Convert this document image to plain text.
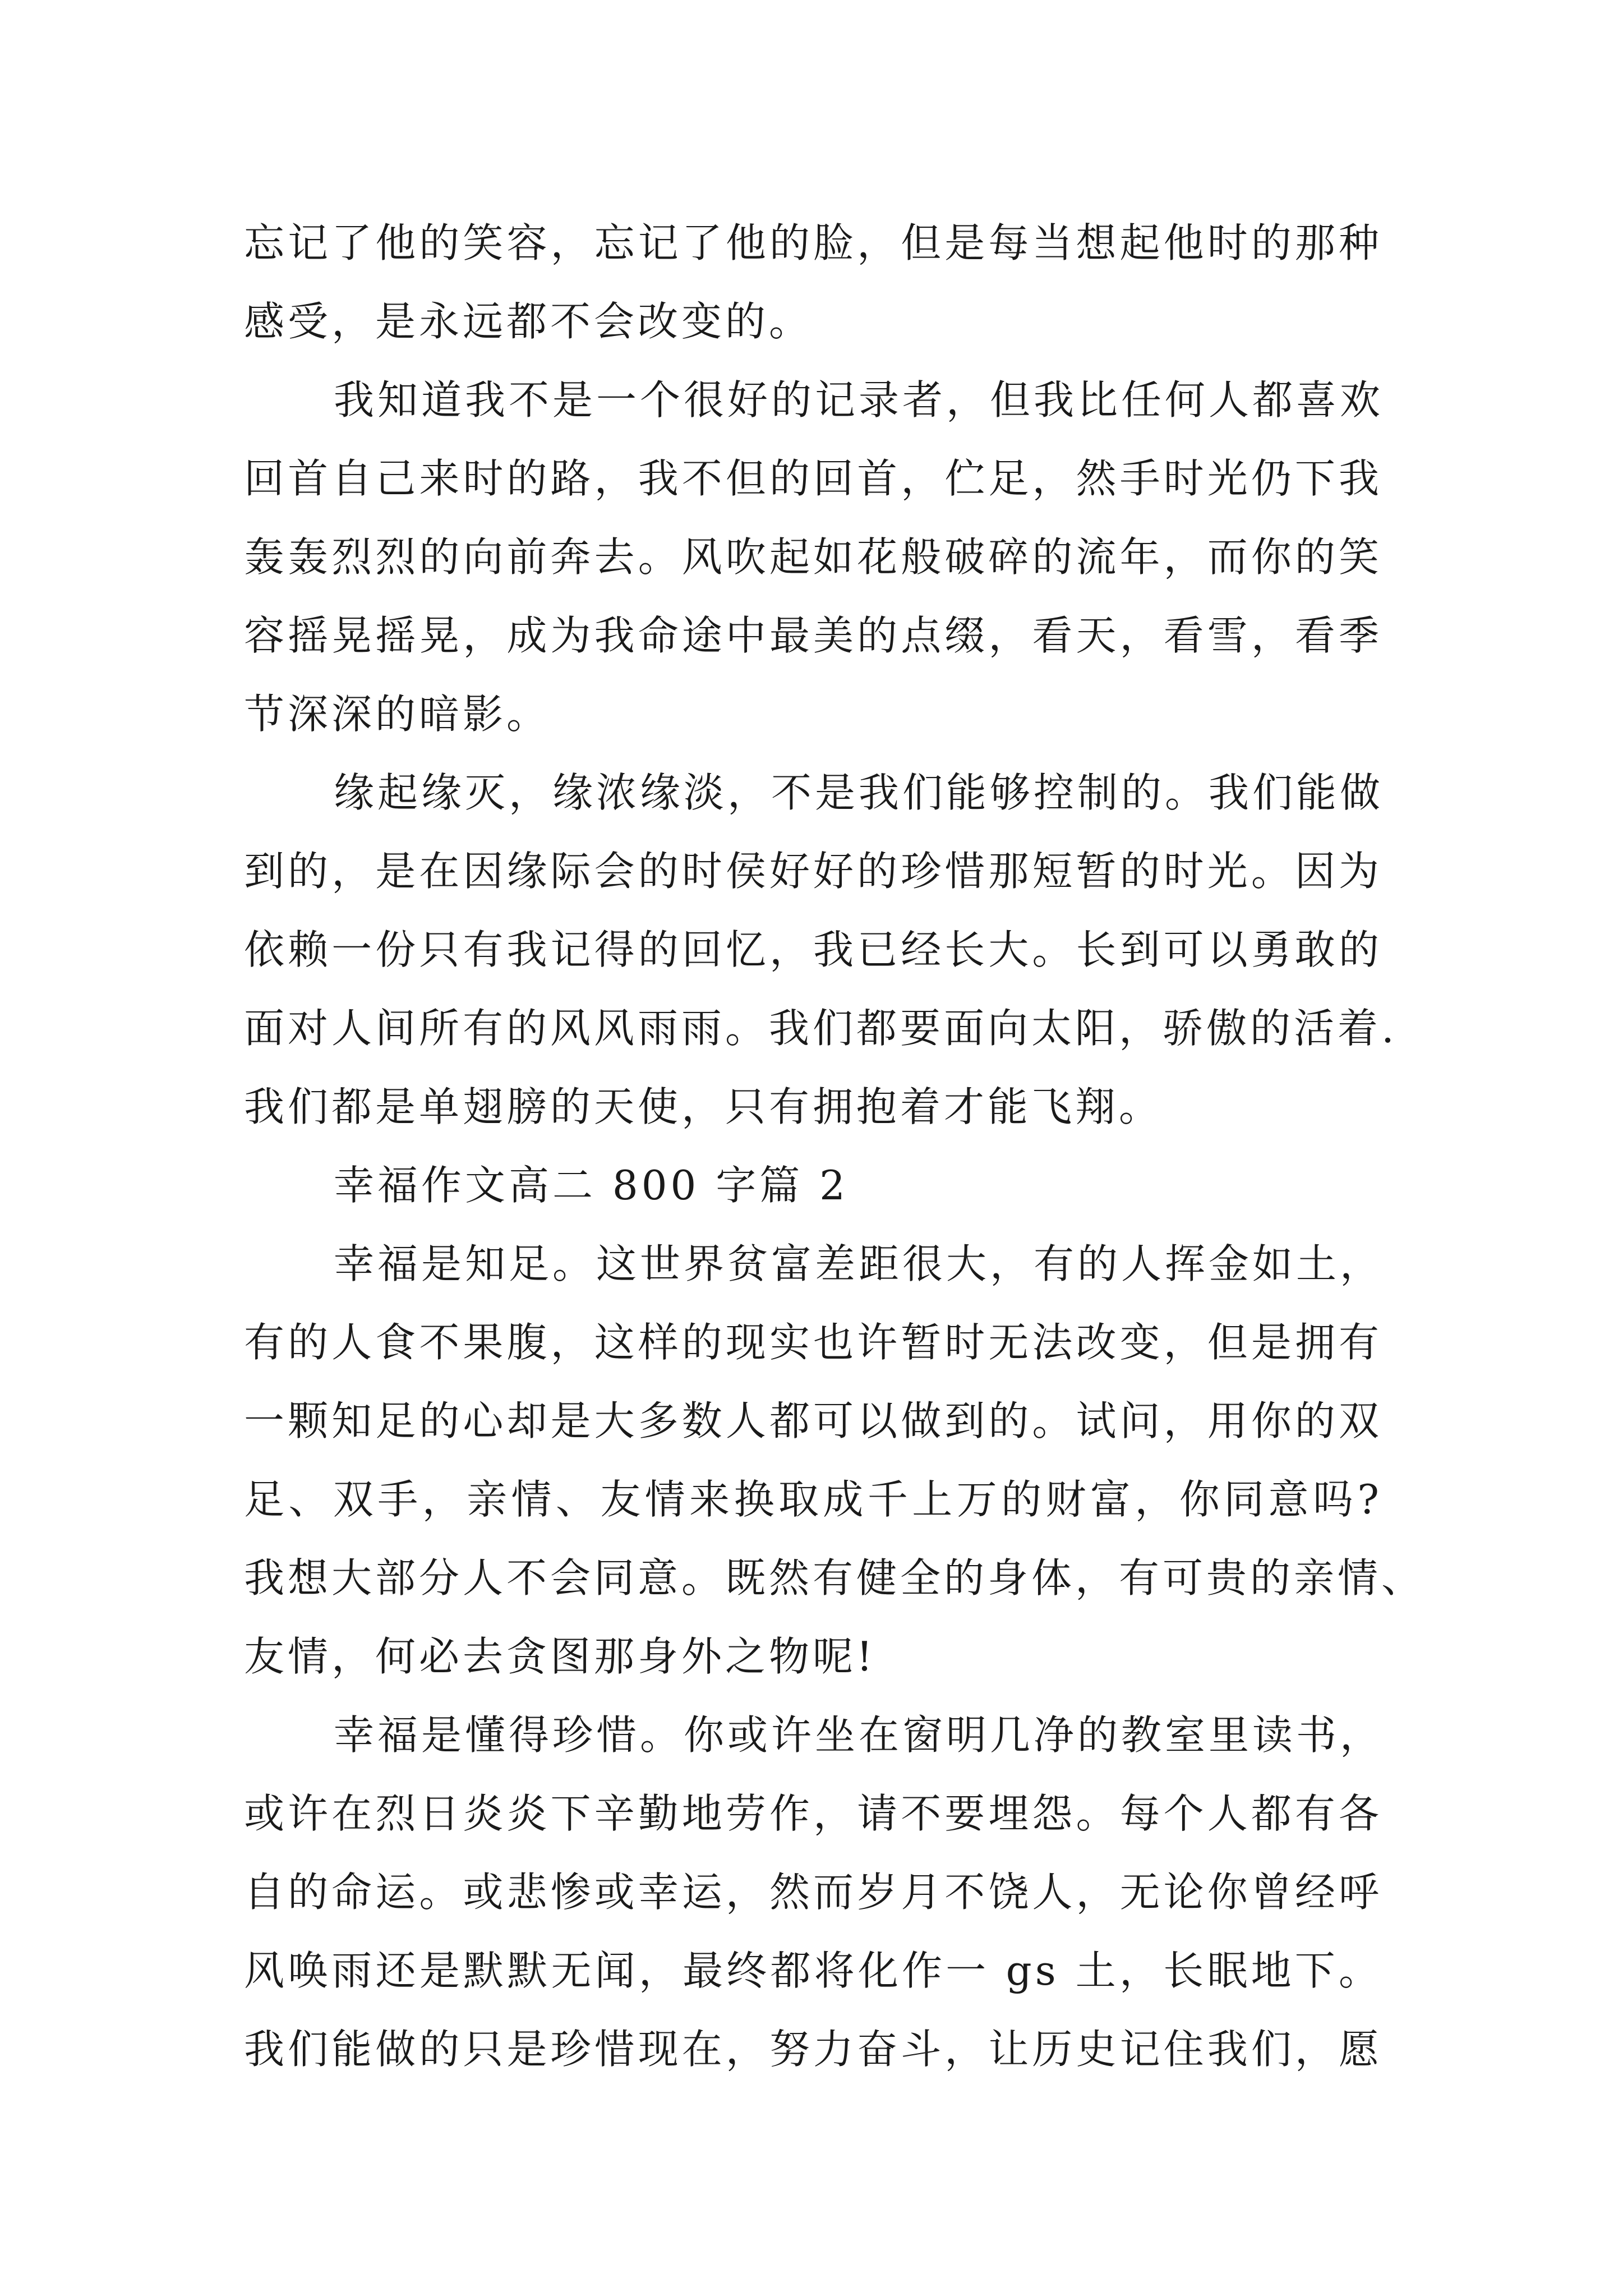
忘记了他的笑容，忘记了他的脸，但是每当想起他时的那种
感受，是永远都不会改变的。
我知道我不是一个很好的记录者，但我比任何人都喜欢
回首自己来时的路，我不但的回首，伫足，然手时光仍下我
轰轰烈烈的向前奔去。风吹起如花般破碎的流年，而你的笑
容摇晃摇晃，成为我命途中最美的点缀，看天，看雪，看季
节深深的暗影。
缘起缘灭，缘浓缘淡，不是我们能够控制的。我们能做
到的，是在因缘际会的时侯好好的珍惜那短暂的时光。因为
依赖一份只有我记得的回忆，我已经长大。长到可以勇敢的
面对人间所有的风风雨雨。我们都要面向太阳，骄傲的活着.
我们都是单翅膀的天使，只有拥抱着才能飞翔。
幸福作文高二 800 字篇 2
幸福是知足。这世界贫富差距很大，有的人挥金如土，
有的人食不果腹，这样的现实也许暂时无法改变，但是拥有
一颗知足的心却是大多数人都可以做到的。试问，用你的双
足、双手，亲情、友情来换取成千上万的财富，你同意吗?
我想大部分人不会同意。既然有健全的身体，有可贵的亲情、
友情，何必去贪图那身外之物呢!
幸福是懂得珍惜。你或许坐在窗明几净的教室里读书，
或许在烈日炎炎下辛勤地劳作，请不要埋怨。每个人都有各
自的命运。或悲惨或幸运，然而岁月不饶人，无论你曾经呼
风唤雨还是默默无闻，最终都将化作一 gs 土，长眠地下。
我们能做的只是珍惜现在，努力奋斗，让历史记住我们，愿
